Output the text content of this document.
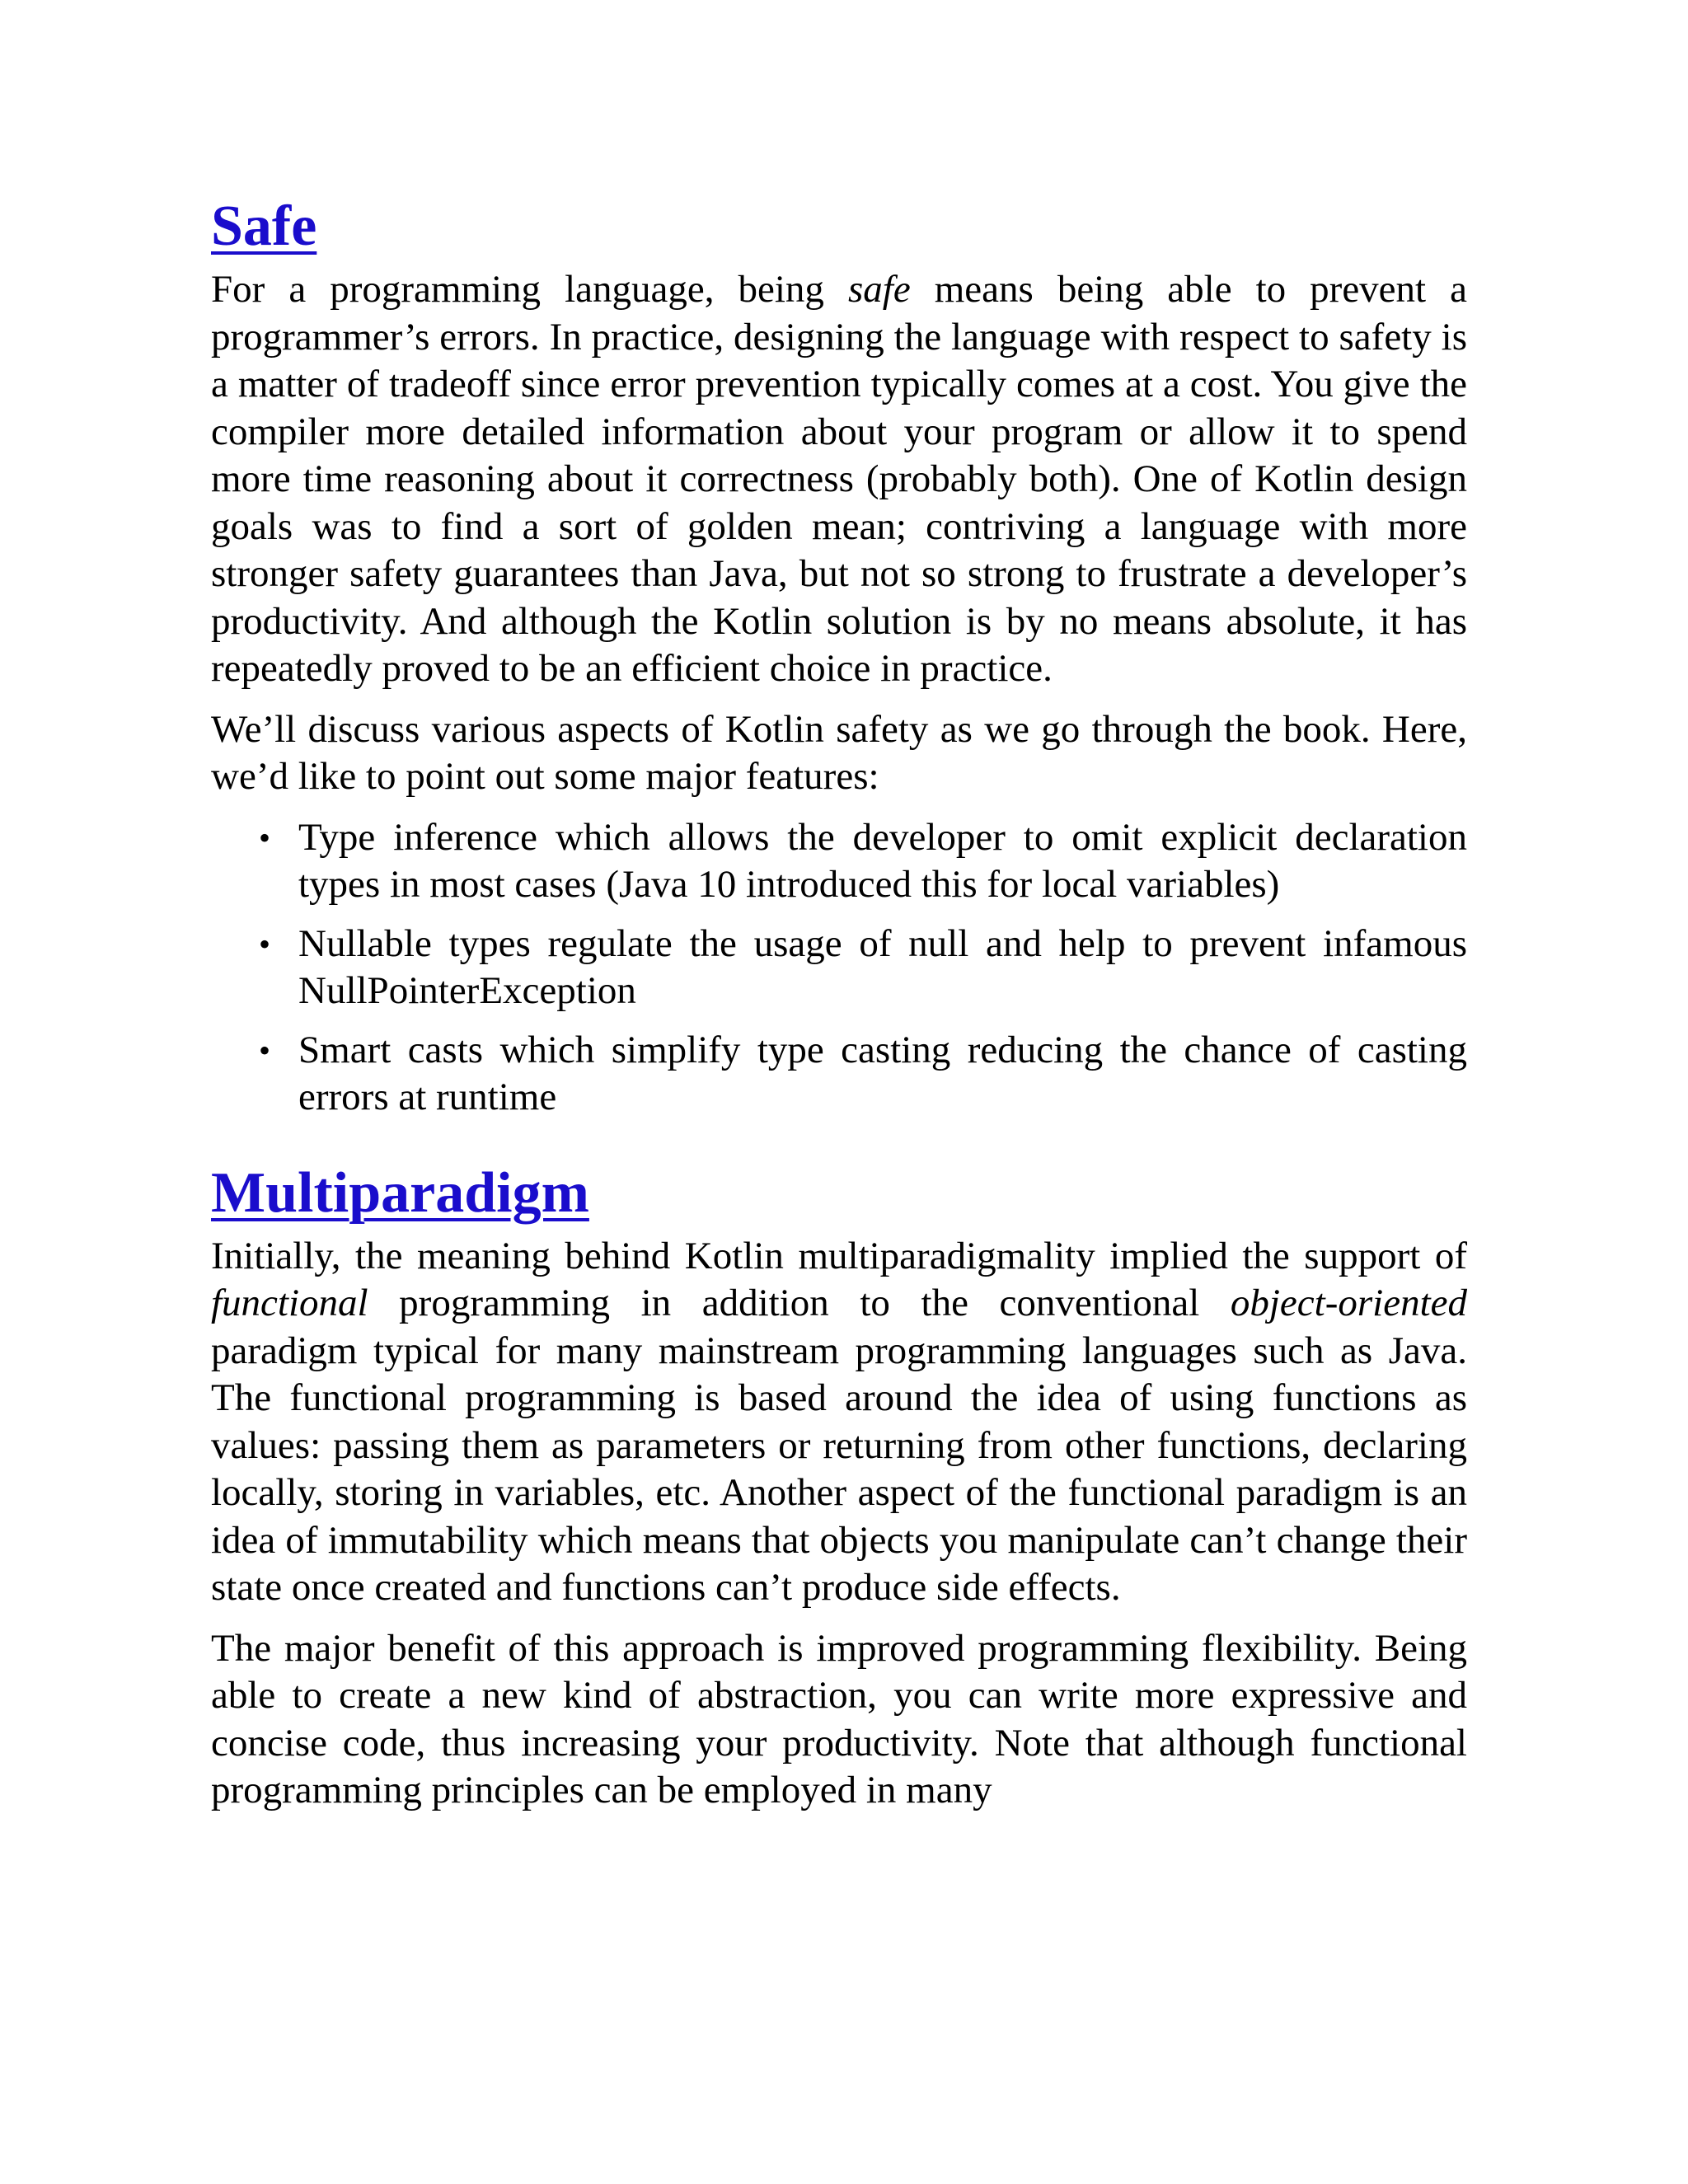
Safe

For a programming language, being safe means being able to prevent a programmer’s errors. In practice, designing the language with respect to safety is a matter of tradeoff since error prevention typically comes at a cost. You give the compiler more detailed information about your program or allow it to spend more time reasoning about it correctness (probably both). One of Kotlin design goals was to find a sort of golden mean; contriving a language with more stronger safety guarantees than Java, but not so strong to frustrate a developer’s productivity. And although the Kotlin solution is by no means absolute, it has repeatedly proved to be an efficient choice in practice.

We’ll discuss various aspects of Kotlin safety as we go through the book. Here, we’d like to point out some major features:

• Type inference which allows the developer to omit explicit declaration types in most cases (Java 10 introduced this for local variables)
• Nullable types regulate the usage of null and help to prevent infamous NullPointerException
• Smart casts which simplify type casting reducing the chance of casting errors at runtime
Multiparadigm

Initially, the meaning behind Kotlin multiparadigmality implied the support of functional programming in addition to the conventional object-oriented paradigm typical for many mainstream programming languages such as Java. The functional programming is based around the idea of using functions as values: passing them as parameters or returning from other functions, declaring locally, storing in variables, etc. Another aspect of the functional paradigm is an idea of immutability which means that objects you manipulate can’t change their state once created and functions can’t produce side effects.

The major benefit of this approach is improved programming flexibility. Being able to create a new kind of abstraction, you can write more expressive and concise code, thus increasing your productivity. Note that although functional programming principles can be employed in many
